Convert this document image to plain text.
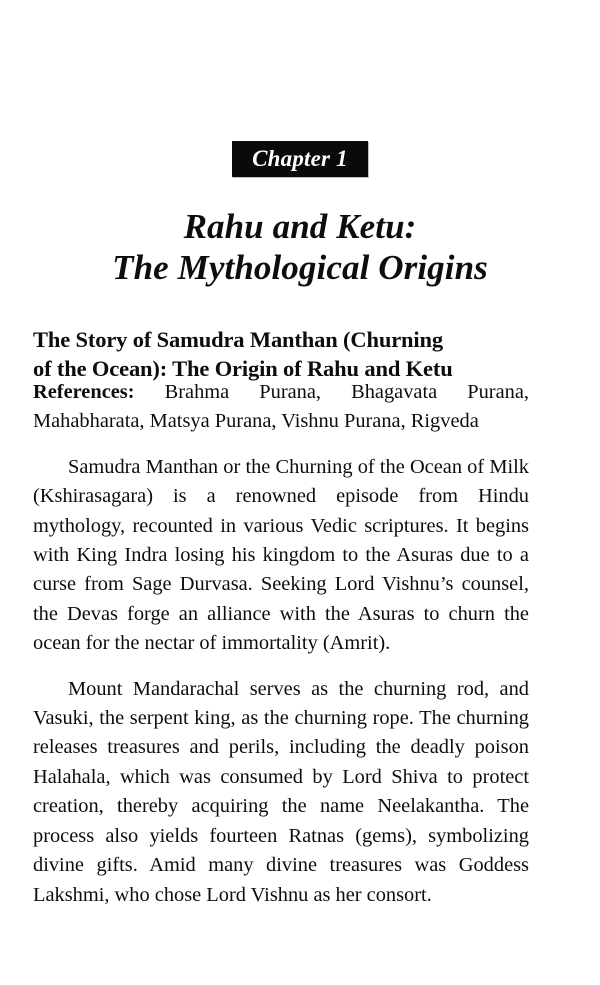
Chapter 1
Rahu and Ketu:
The Mythological Origins
The Story of Samudra Manthan (Churning
of the Ocean): The Origin of Rahu and Ketu

References: Brahma Purana, Bhagavata Purana, Mahabharata, Matsya Purana, Vishnu Purana, Rigveda

Samudra Manthan or the Churning of the Ocean of Milk (Kshirasagara) is a renowned episode from Hindu mythology, recounted in various Vedic scriptures. It begins with King Indra losing his kingdom to the Asuras due to a curse from Sage Durvasa. Seeking Lord Vishnu’s counsel, the Devas forge an alliance with the Asuras to churn the ocean for the nectar of immortality (Amrit).

Mount Mandarachal serves as the churning rod, and Vasuki, the serpent king, as the churning rope. The churning releases treasures and perils, including the deadly poison Halahala, which was consumed by Lord Shiva to protect creation, thereby acquiring the name Neelakantha. The process also yields fourteen Ratnas (gems), symbolizing divine gifts. Amid many divine treasures was Goddess Lakshmi, who chose Lord Vishnu as her consort.
